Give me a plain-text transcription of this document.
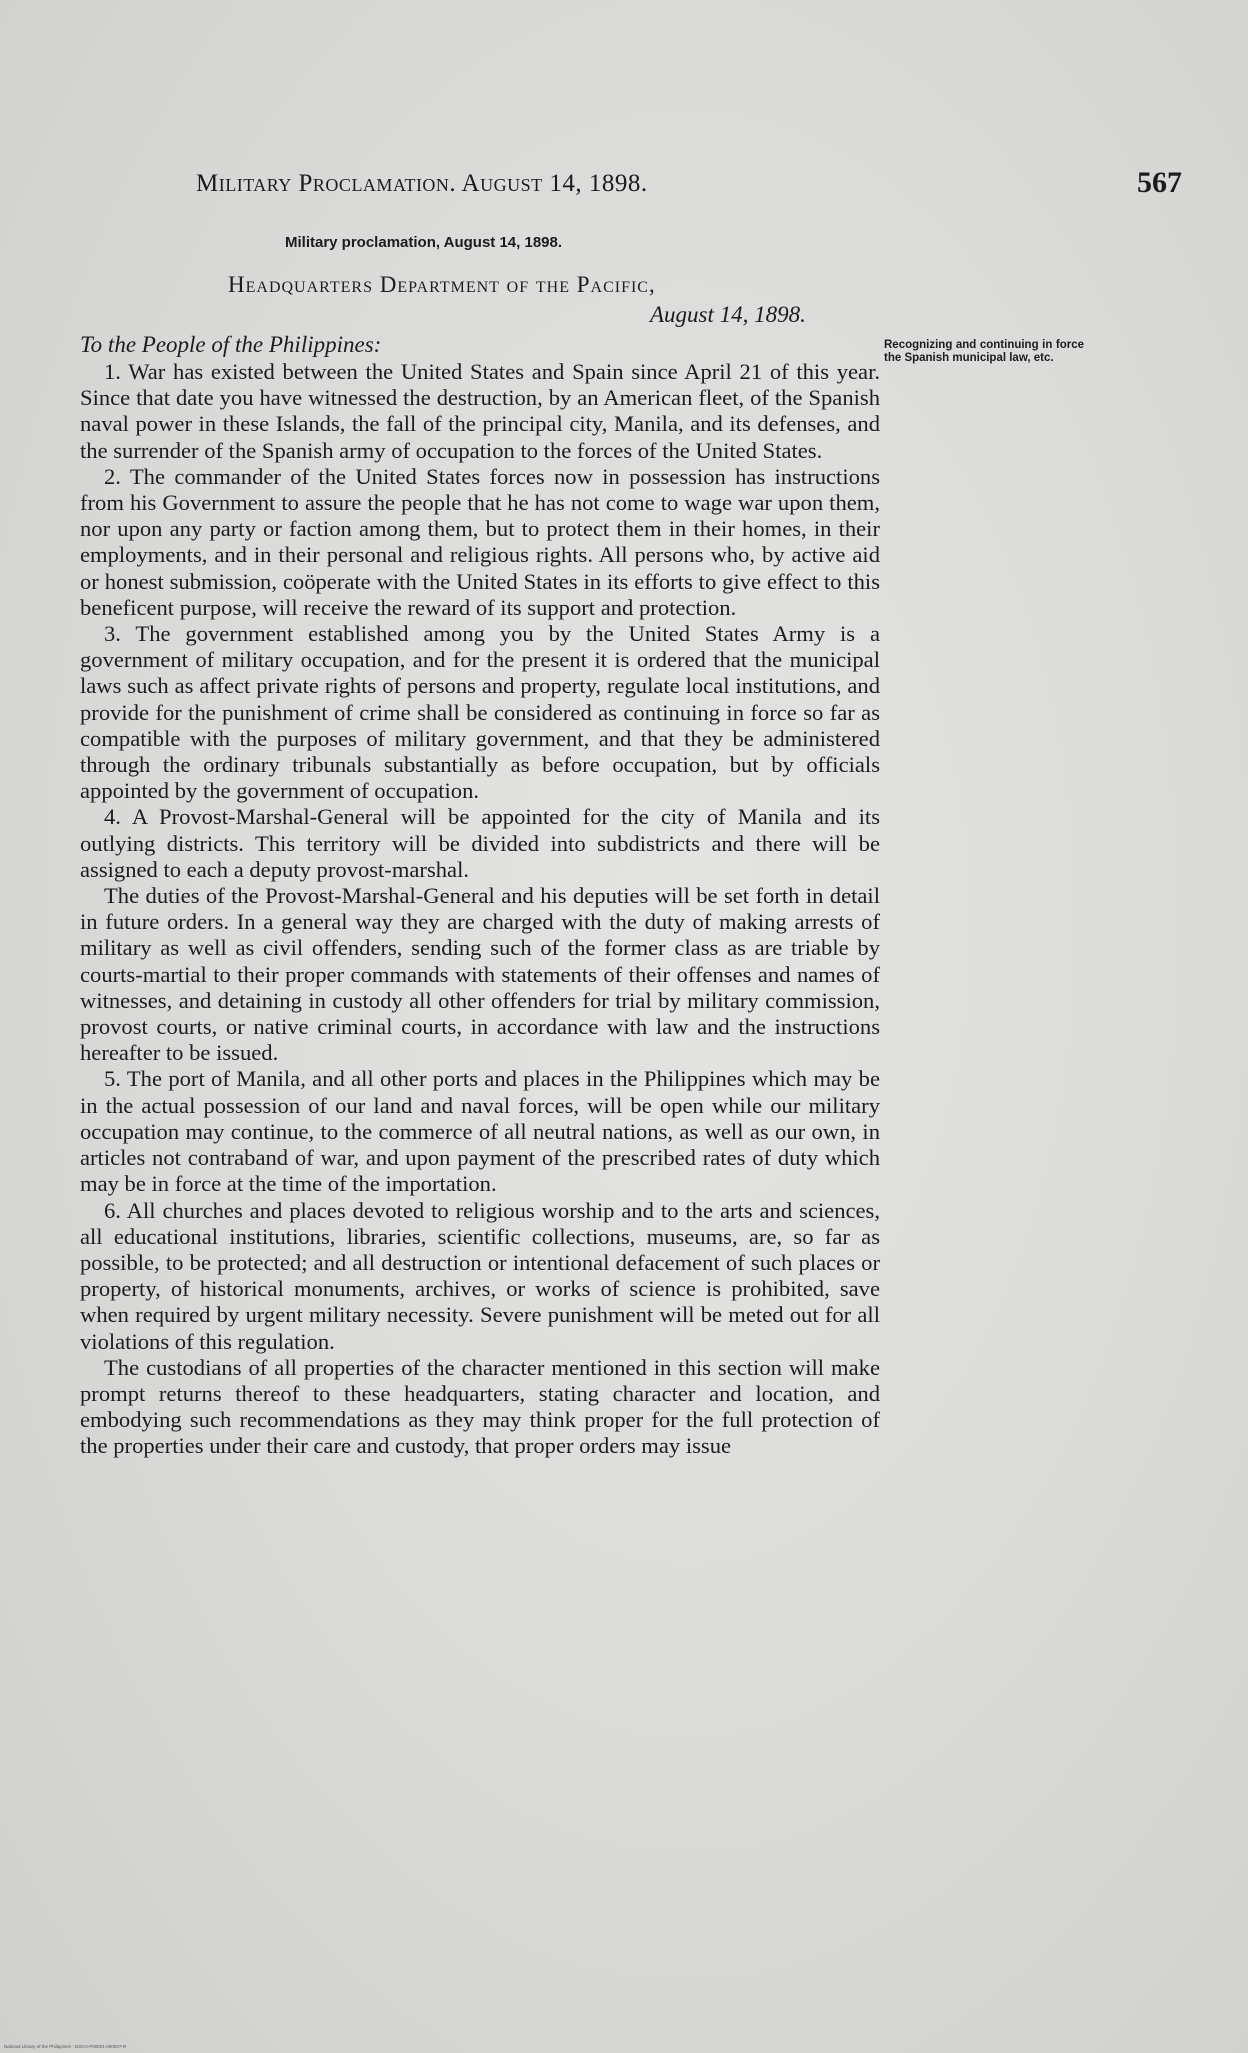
Military Proclamation. August 14, 1898.	567
Military proclamation, August 14, 1898.
Headquarters Department of the Pacific,
August 14, 1898.
To the People of the Philippines:	Recognizing and continuing in force the Spanish municipal law, etc.

1. War has existed between the United States and Spain since April 21 of this year. Since that date you have witnessed the destruction, by an American fleet, of the Spanish naval power in these Islands, the fall of the principal city, Manila, and its defenses, and the surrender of the Spanish army of occupation to the forces of the United States.

2. The commander of the United States forces now in possession has instructions from his Government to assure the people that he has not come to wage war upon them, nor upon any party or faction among them, but to protect them in their homes, in their employments, and in their personal and religious rights. All persons who, by active aid or honest submission, coöperate with the United States in its efforts to give effect to this beneficent purpose, will receive the reward of its support and protection.

3. The government established among you by the United States Army is a government of military occupation, and for the present it is ordered that the municipal laws such as affect private rights of persons and property, regulate local institutions, and provide for the punishment of crime shall be considered as continuing in force so far as compatible with the purposes of military government, and that they be administered through the ordinary tribunals substantially as before occupation, but by officials appointed by the government of occupation.

4. A Provost-Marshal-General will be appointed for the city of Manila and its outlying districts. This territory will be divided into subdistricts and there will be assigned to each a deputy provost-marshal.

The duties of the Provost-Marshal-General and his deputies will be set forth in detail in future orders. In a general way they are charged with the duty of making arrests of military as well as civil offenders, sending such of the former class as are triable by courts-martial to their proper commands with statements of their offenses and names of witnesses, and detaining in custody all other offenders for trial by military commission, provost courts, or native criminal courts, in accordance with law and the instructions hereafter to be issued.

5. The port of Manila, and all other ports and places in the Philippines which may be in the actual possession of our land and naval forces, will be open while our military occupation may continue, to the commerce of all neutral nations, as well as our own, in articles not contraband of war, and upon payment of the prescribed rates of duty which may be in force at the time of the importation.

6. All churches and places devoted to religious worship and to the arts and sciences, all educational institutions, libraries, scientific collections, museums, are, so far as possible, to be protected; and all destruction or intentional defacement of such places or property, of historical monuments, archives, or works of science is prohibited, save when required by urgent military necessity. Severe punishment will be meted out for all violations of this regulation.

The custodians of all properties of the character mentioned in this section will make prompt returns thereof to these headquarters, stating character and location, and embodying such recommendations as they may think proper for the full protection of the properties under their care and custody, that proper orders may issue

National Library of the Philippines · DSCH-P00001-000037-R
